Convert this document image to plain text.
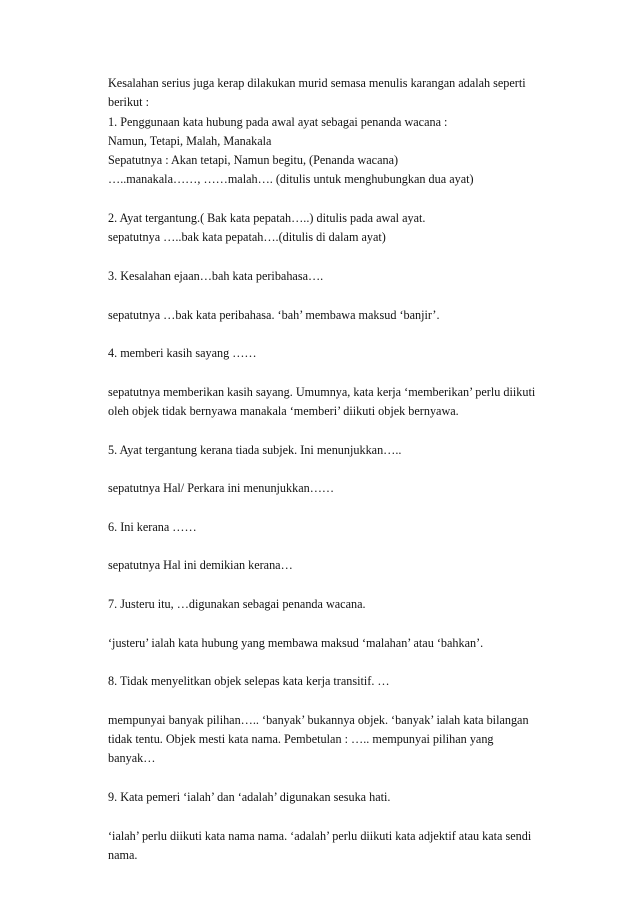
Kesalahan serius juga kerap dilakukan murid semasa menulis karangan adalah seperti
berikut :
1. Penggunaan kata hubung pada awal ayat sebagai penanda wacana :
Namun, Tetapi, Malah, Manakala
Sepatutnya : Akan tetapi, Namun begitu, (Penanda wacana)
…..manakala……, ……malah…. (ditulis untuk menghubungkan dua ayat)
2. Ayat tergantung.( Bak kata pepatah…..) ditulis pada awal ayat.
sepatutnya …..bak kata pepatah….(ditulis di dalam ayat)
3. Kesalahan ejaan…bah kata peribahasa….
sepatutnya …bak kata peribahasa. ‘bah’ membawa maksud ‘banjir’.
4. memberi kasih sayang ……
sepatutnya memberikan kasih sayang. Umumnya, kata kerja ‘memberikan’ perlu diikuti
oleh objek tidak bernyawa manakala ‘memberi’ diikuti objek bernyawa.
5. Ayat tergantung kerana tiada subjek. Ini menunjukkan…..
sepatutnya Hal/ Perkara ini menunjukkan……
6. Ini kerana ……
sepatutnya Hal ini demikian kerana…
7. Justeru itu, …digunakan sebagai penanda wacana.
‘justeru’ ialah kata hubung yang membawa maksud ‘malahan’ atau ‘bahkan’.
8. Tidak menyelitkan objek selepas kata kerja transitif. …
mempunyai banyak pilihan….. ‘banyak’ bukannya objek. ‘banyak’ ialah kata bilangan
tidak tentu. Objek mesti kata nama. Pembetulan : ….. mempunyai pilihan yang
banyak…
9. Kata pemeri ‘ialah’ dan ‘adalah’ digunakan sesuka hati.
‘ialah’ perlu diikuti kata nama nama. ‘adalah’ perlu diikuti kata adjektif atau kata sendi
nama.
